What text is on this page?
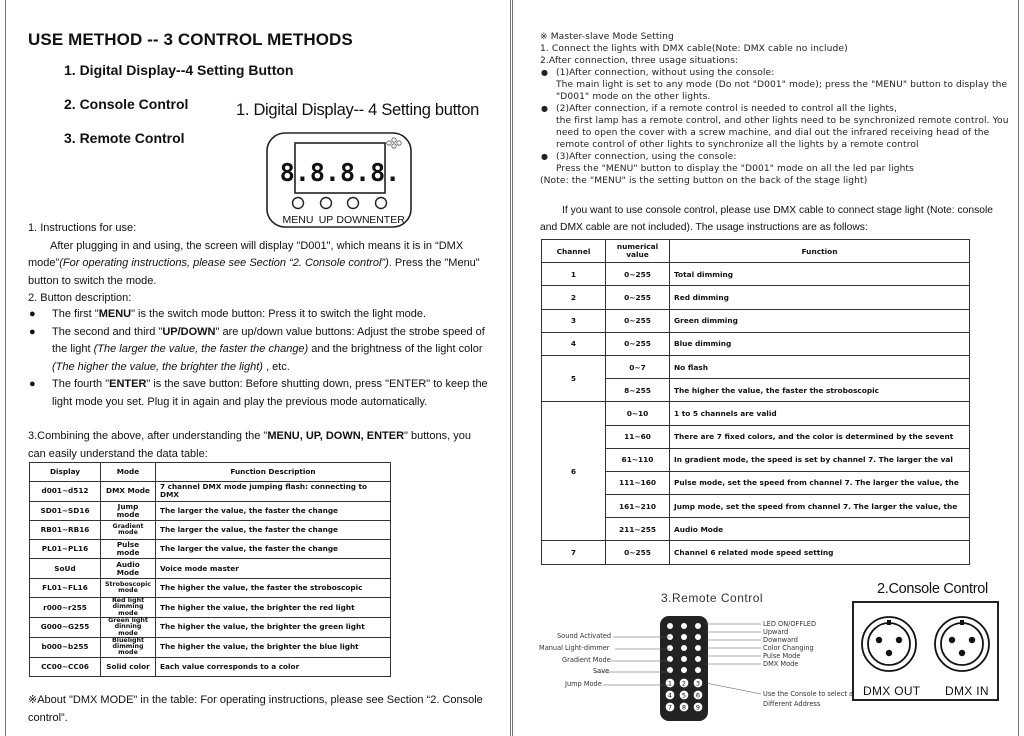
USE METHOD -- 3 CONTROL METHODS
1. Digital Display--4 Setting Button
2. Console Control
3. Remote Control
1. Digital Display-- 4 Setting button
8.8.8.8.
MENU UP DOWN ENTER
1. Instructions for use:
After plugging in and using, the screen will display "D001", which means it is in “DMX mode”(For operating instructions, please see Section “2. Console control”). Press the "Menu" button to switch the mode.
2. Button description:
● The first "MENU" is the switch mode button: Press it to switch the light mode.
● The second and third "UP/DOWN" are up/down value buttons: Adjust the strobe speed of the light (The larger the value, the faster the change) and the brightness of the light color (The higher the value, the brighter the light) , etc.
● The fourth "ENTER" is the save button: Before shutting down, press "ENTER" to keep the light mode you set. Plug it in again and play the previous mode automatically.
3.Combining the above, after understanding the "MENU, UP, DOWN, ENTER" buttons, you can easily understand the data table:
Display	Mode	Function Description
d001~d512	DMX Mode	7 channel DMX mode jumping flash: connecting to DMX
SD01~SD16	Jump mode	The larger the value, the faster the change
RB01~RB16	Gradient mode	The larger the value, the faster the change
PL01~PL16	Pulse mode	The larger the value, the faster the change
SoUd	Audio Mode	Voice mode master
FL01~FL16	Stroboscopic mode	The higher the value, the faster the stroboscopic
r000~r255	Red light dimming mode	The higher the value, the brighter the red light
G000~G255	Green light dinning mode	The higher the value, the brighter the green light
b000~b255	Bluelight dimming mode	The higher the value, the brighter the blue light
CC00~CC06	Solid color	Each value corresponds to a color
※About "DMX MODE" in the table: For operating instructions, please see Section “2. Console control”.
※ Master-slave Mode Setting
1. Connect the lights with DMX cable(Note: DMX cable no include)
2.After connection, three usage situations:
● (1)After connection, without using the console:
The main light is set to any mode (Do not "D001" mode); press the "MENU" button to display the "D001" mode on the other lights.
● (2)After connection, if a remote control is needed to control all the lights,
the first lamp has a remote control, and other lights need to be synchronized remote control. You need to open the cover with a screw machine, and dial out the infrared receiving head of the remote control of other lights to synchronize all the lights by a remote control
● (3)After connection, using the console:
Press the "MENU" button to display the "D001" mode on all the led par lights
(Note: the "MENU" is the setting button on the back of the stage light)
If you want to use console control, please use DMX cable to connect stage light (Note: console and DMX cable are not included). The usage instructions are as follows:
Channel	numerical value	Function
1	0~255	Total dimming
2	0~255	Red dimming
3	0~255	Green dimming
4	0~255	Blue dimming
5	0~7	No flash
	8~255	The higher the value, the faster the stroboscopic
6	0~10	1 to 5 channels are valid
	11~60	There are 7 fixed colors, and the color is determined by the sevent
	61~110	In gradient mode, the speed is set by channel 7. The larger the val
	111~160	Pulse mode, set the speed from channel 7. The larger the value, the
	161~210	Jump mode, set the speed from channel 7. The larger the value, the
	211~255	Audio Mode
7	0~255	Channel 6 related mode speed setting
3.Remote Control
1 2 3
4 5 6
7 8 9
Sound Activated
Manual Light-dimmer
Gradient Mode
Save
Jump Mode
LED ON/OFFLED
Upward
Downward
Color Changing
Pulse Mode
DMX Mode
Use the Console to select a
Different Address
2.Console Control
DMX OUT DMX IN
